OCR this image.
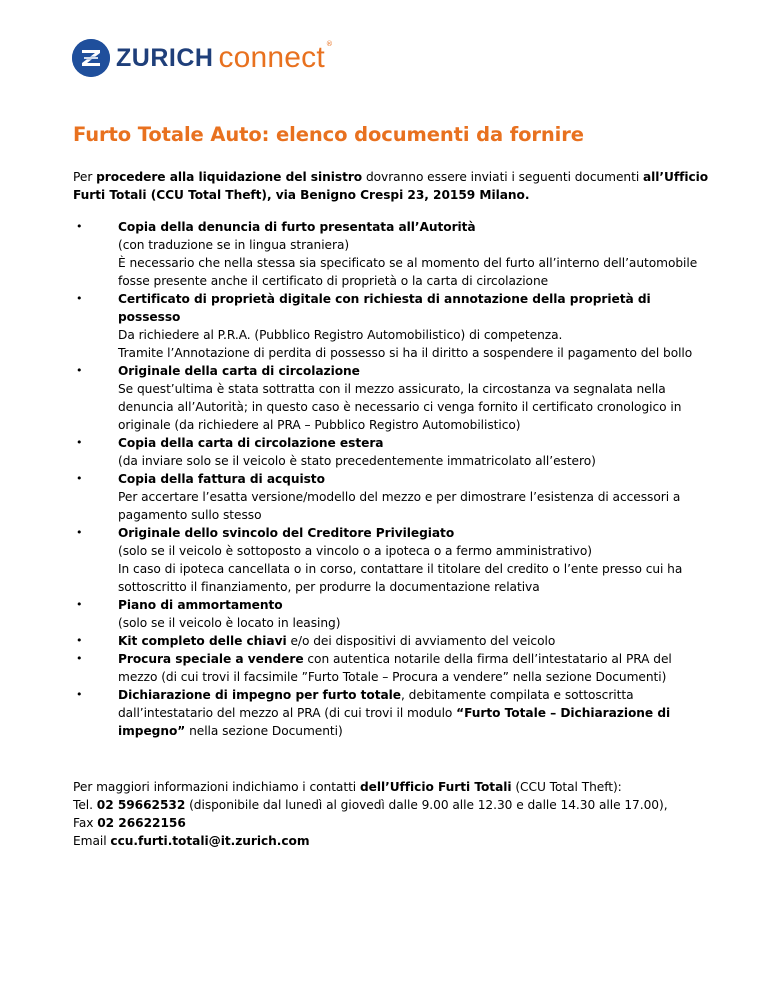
ZURICH connect ®
Furto Totale Auto: elenco documenti da fornire

Per procedere alla liquidazione del sinistro dovranno essere inviati i seguenti documenti all’Ufficio Furti Totali (CCU Total Theft), via Benigno Crespi 23, 20159 Milano.

•	Copia della denuncia di furto presentata all’Autorità
(con traduzione se in lingua straniera)
È necessario che nella stessa sia specificato se al momento del furto all’interno dell’automobile fosse presente anche il certificato di proprietà o la carta di circolazione
•	Certificato di proprietà digitale con richiesta di annotazione della proprietà di possesso
Da richiedere al P.R.A. (Pubblico Registro Automobilistico) di competenza.
Tramite l’Annotazione di perdita di possesso si ha il diritto a sospendere il pagamento del bollo
•	Originale della carta di circolazione
Se quest’ultima è stata sottratta con il mezzo assicurato, la circostanza va segnalata nella denuncia all’Autorità; in questo caso è necessario ci venga fornito il certificato cronologico in originale (da richiedere al PRA – Pubblico Registro Automobilistico)
•	Copia della carta di circolazione estera
(da inviare solo se il veicolo è stato precedentemente immatricolato all’estero)
•	Copia della fattura di acquisto
Per accertare l’esatta versione/modello del mezzo e per dimostrare l’esistenza di accessori a pagamento sullo stesso
•	Originale dello svincolo del Creditore Privilegiato
(solo se il veicolo è sottoposto a vincolo o a ipoteca o a fermo amministrativo)
In caso di ipoteca cancellata o in corso, contattare il titolare del credito o l’ente presso cui ha sottoscritto il finanziamento, per produrre la documentazione relativa
•	Piano di ammortamento
(solo se il veicolo è locato in leasing)
•	Kit completo delle chiavi e/o dei dispositivi di avviamento del veicolo
•	Procura speciale a vendere con autentica notarile della firma dell’intestatario al PRA del mezzo (di cui trovi il facsimile ”Furto Totale – Procura a vendere” nella sezione Documenti)
•	Dichiarazione di impegno per furto totale, debitamente compilata e sottoscritta dall’intestatario del mezzo al PRA (di cui trovi il modulo “Furto Totale – Dichiarazione di impegno” nella sezione Documenti)
Per maggiori informazioni indichiamo i contatti dell’Ufficio Furti Totali (CCU Total Theft):
Tel. 02 59662532 (disponibile dal lunedì al giovedì dalle 9.00 alle 12.30 e dalle 14.30 alle 17.00),
Fax 02 26622156
Email ccu.furti.totali@it.zurich.com
